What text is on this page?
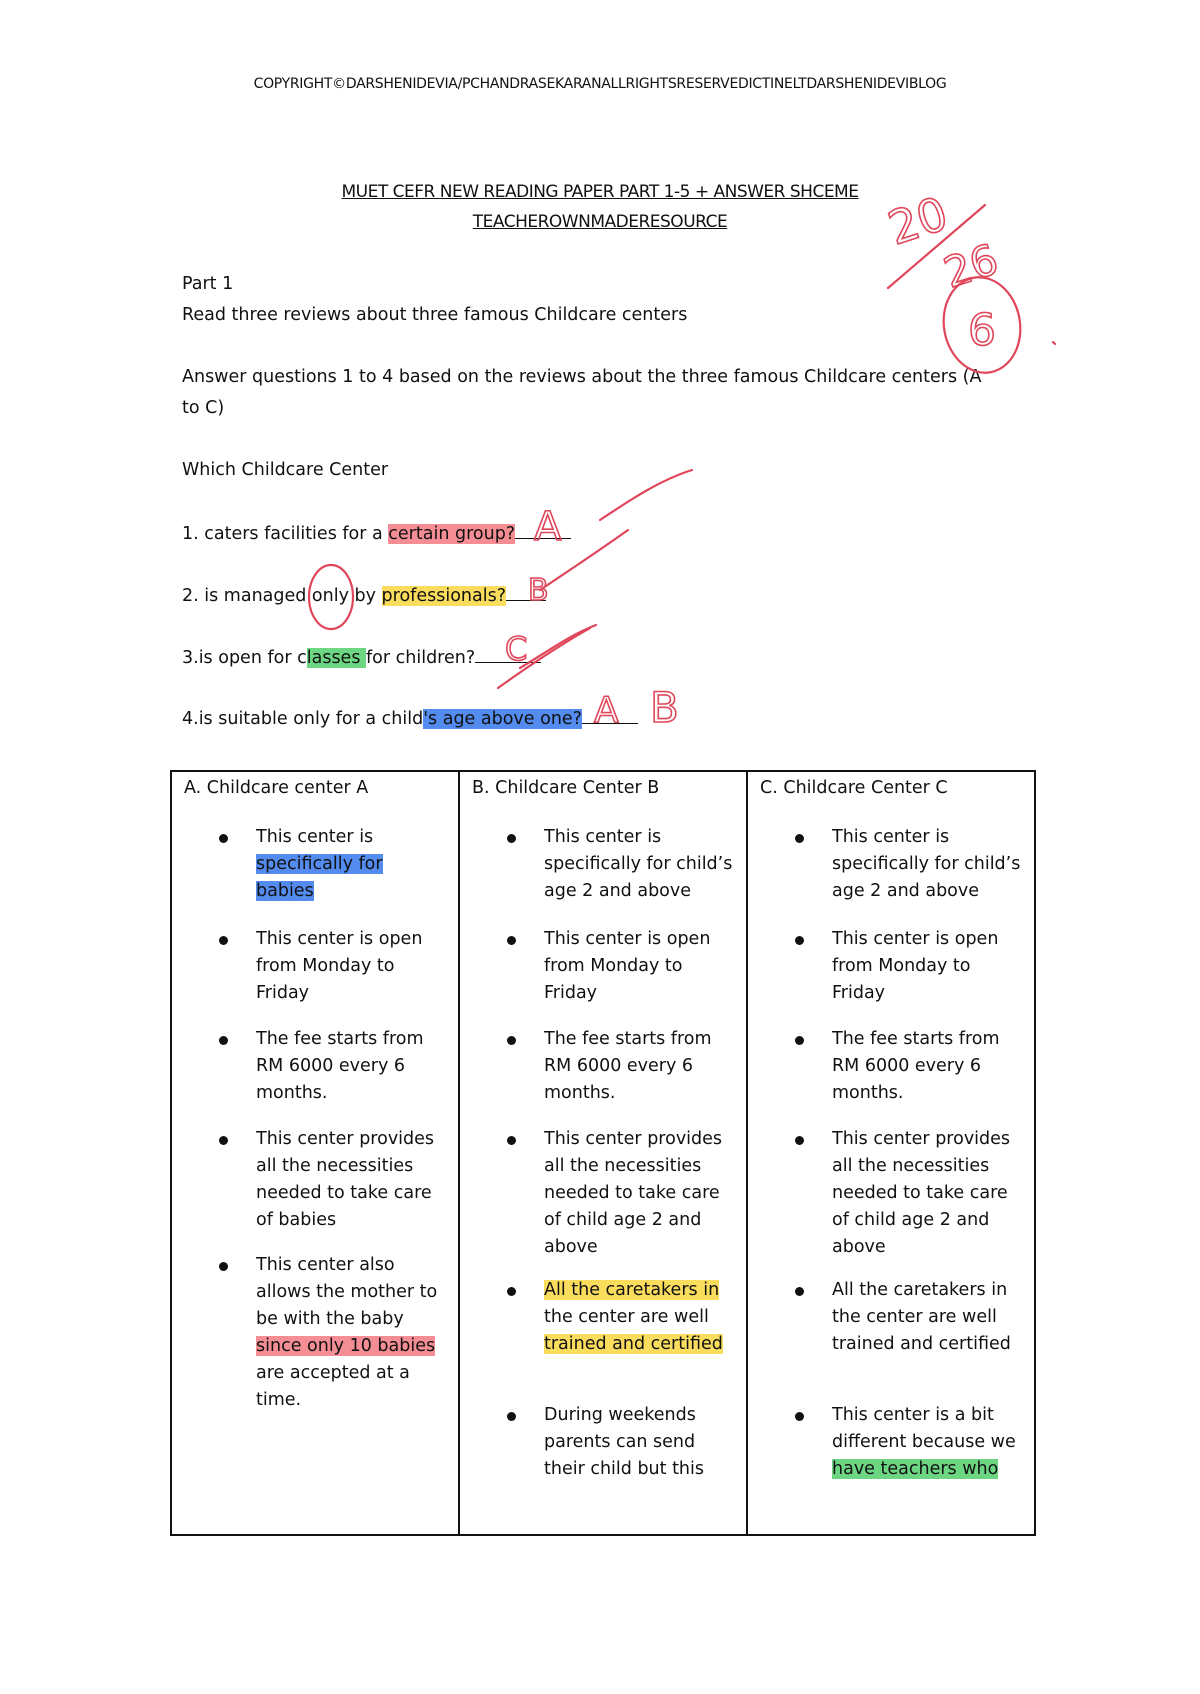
COPYRIGHT©DARSHENIDEVIA/PCHANDRASEKARANALLRIGHTSRESERVEDICTINELTDARSHENIDEVIBLOG
MUET CEFR NEW READING PAPER PART 1-5 + ANSWER SHCEME
TEACHEROWNMADERESOURCE
Part 1
Read three reviews about three famous Childcare centers
Answer questions 1 to 4 based on the reviews about the three famous Childcare centers (A
to C)
Which Childcare Center
1. caters facilities for a certain group?
2. is managed only by professionals?
3.is open for classes for children?
4.is suitable only for a child's age above one?
A. Childcare center A
This center is
specifically for
babies
This center is open
from Monday to
Friday
The fee starts from
RM 6000 every 6
months.
This center provides
all the necessities
needed to take care
of babies
This center also
allows the mother to
be with the baby
since only 10 babies
are accepted at a
time.
B. Childcare Center B
This center is
specifically for child’s
age 2 and above
This center is open
from Monday to
Friday
The fee starts from
RM 6000 every 6
months.
This center provides
all the necessities
needed to take care
of child age 2 and
above
All the caretakers in
the center are well
trained and certified
During weekends
parents can send
their child but this
C. Childcare Center C
This center is
specifically for child’s
age 2 and above
This center is open
from Monday to
Friday
The fee starts from
RM 6000 every 6
months.
This center provides
all the necessities
needed to take care
of child age 2 and
above
All the caretakers in
the center are well
trained and certified
This center is a bit
different because we
have teachers who
20
26
6
A
B
C
A B
